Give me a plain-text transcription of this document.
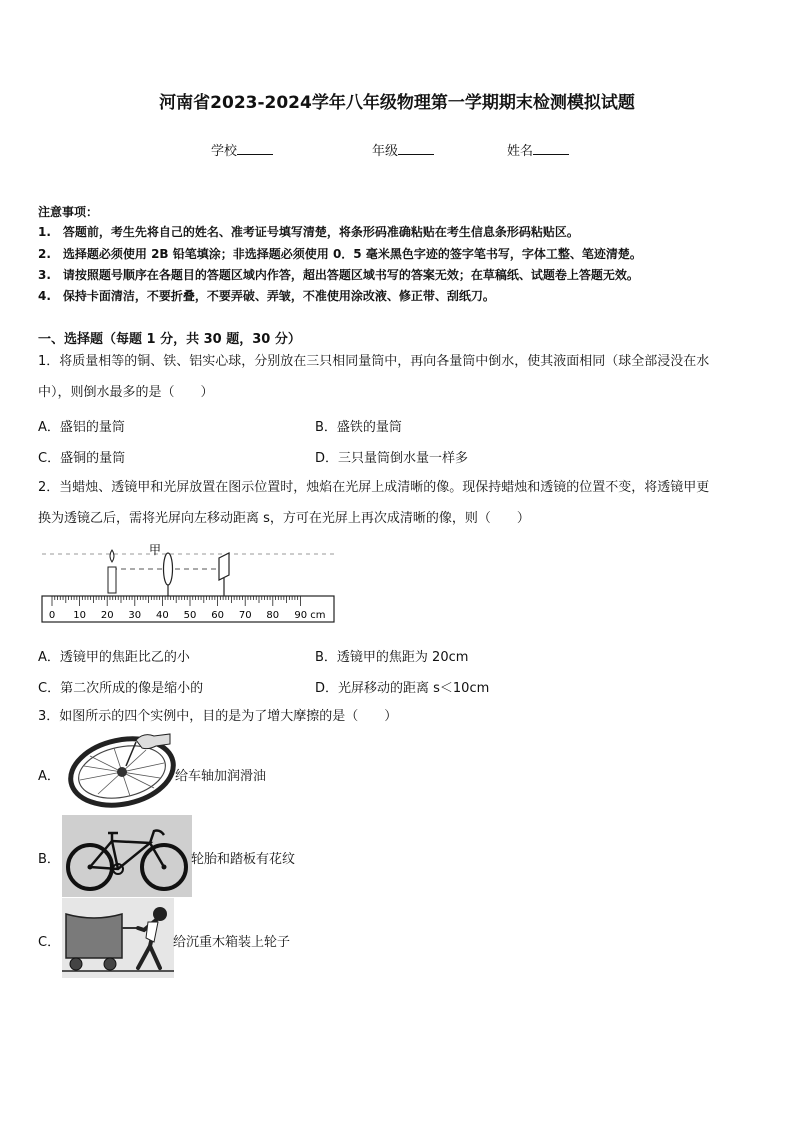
河南省2023-2024学年八年级物理第一学期期末检测模拟试题
学校	年级	姓名
注意事项：
1.　答题前，考生先将自己的姓名、准考证号填写清楚，将条形码准确粘贴在考生信息条形码粘贴区。
2.　选择题必须使用 2B 铅笔填涂；非选择题必须使用 0．5 毫米黑色字迹的签字笔书写，字体工整、笔迹清楚。
3.　请按照题号顺序在各题目的答题区域内作答，超出答题区域书写的答案无效；在草稿纸、试题卷上答题无效。
4.　保持卡面清洁，不要折叠，不要弄破、弄皱，不准使用涂改液、修正带、刮纸刀。
一、选择题（每题 1 分，共 30 题，30 分）
1．将质量相等的铜、铁、铝实心球，分别放在三只相同量筒中，再向各量筒中倒水，使其液面相同（球全部浸没在水
中），则倒水最多的是（　　）
A．盛铝的量筒	B．盛铁的量筒
C．盛铜的量筒	D．三只量筒倒水量一样多
2．当蜡烛、透镜甲和光屏放置在图示位置时，烛焰在光屏上成清晰的像。现保持蜡烛和透镜的位置不变，将透镜甲更
换为透镜乙后，需将光屏向左移动距离 s，方可在光屏上再次成清晰的像，则（　　）
甲
0 10 20 30 40 50 60 70 80 90 cm
A．透镜甲的焦距比乙的小	B．透镜甲的焦距为 20cm
C．第二次所成的像是缩小的	D．光屏移动的距离 s＜10cm
3．如图所示的四个实例中，目的是为了增大摩擦的是（　　）
A．	给车轴加润滑油
B．	轮胎和踏板有花纹
C．	给沉重木箱装上轮子
